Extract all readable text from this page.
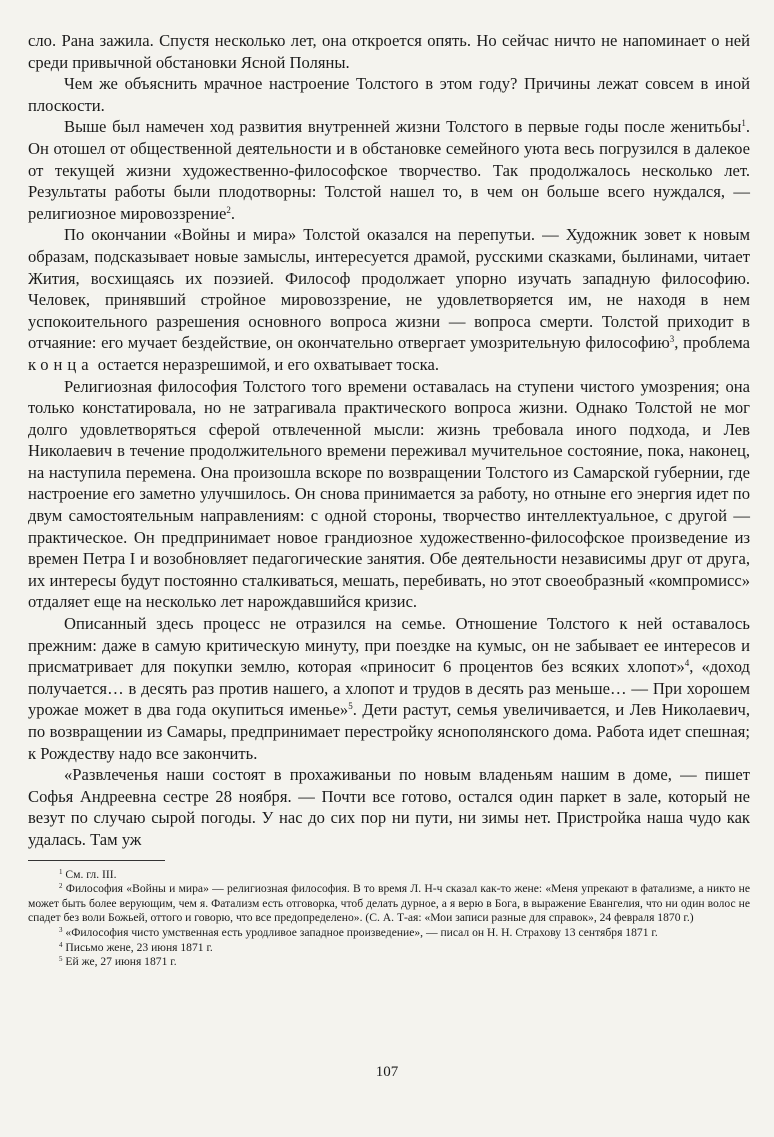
сло. Рана зажила. Спустя несколько лет, она откроется опять. Но сейчас ничто не напоминает о ней среди привычной обстановки Ясной Поляны.

Чем же объяснить мрачное настроение Толстого в этом году? Причины лежат совсем в иной плоскости.

Выше был намечен ход развития внутренней жизни Толстого в первые годы после женитьбы$^1$. Он отошел от общественной деятельности и в обстановке семейного уюта весь погрузился в далекое от текущей жизни художественно-философское творчество. Так продолжалось несколько лет. Результаты работы были плодотворны: Толстой нашел то, в чем он больше всего нуждался, — религиозное мировоззрение$^2$.

По окончании «Войны и мира» Толстой оказался на перепутьи. — Художник зовет к новым образам, подсказывает новые замыслы, интересуется драмой, русскими сказками, былинами, читает Жития, восхищаясь их поэзией. Философ продолжает упорно изучать западную философию. Человек, принявший стройное мировоззрение, не удовлетворяется им, не находя в нем успокоительного разрешения основного вопроса жизни — вопроса смерти. Толстой приходит в отчаяние: его мучает бездействие, он окончательно отвергает умозрительную философию$^3$, проблема конца остается неразрешимой, и его охватывает тоска.

Религиозная философия Толстого того времени оставалась на ступени чистого умозрения; она только констатировала, но не затрагивала практического вопроса жизни. Однако Толстой не мог долго удовлетворяться сферой отвлеченной мысли: жизнь требовала иного подхода, и Лев Николаевич в течение продолжительного времени переживал мучительное состояние, пока, наконец, на наступила перемена. Она произошла вскоре по возвращении Толстого из Самарской губернии, где настроение его заметно улучшилось. Он снова принимается за работу, но отныне его энергия идет по двум самостоятельным направлениям: с одной стороны, творчество интеллектуальное, с другой — практическое. Он предпринимает новое грандиозное художественно-философское произведение из времен Петра I и возобновляет педагогические занятия. Обе деятельности независимы друг от друга, их интересы будут постоянно сталкиваться, мешать, перебивать, но этот своеобразный «компромисс» отдаляет еще на несколько лет нарождавшийся кризис.

Описанный здесь процесс не отразился на семье. Отношение Толстого к ней оставалось прежним: даже в самую критическую минуту, при поездке на кумыс, он не забывает ее интересов и присматривает для покупки землю, которая «приносит 6 процентов без всяких хлопот»$^4$, «доход получается… в десять раз против нашего, а хлопот и трудов в десять раз меньше… — При хорошем урожае может в два года окупиться именье»$^5$. Дети растут, семья увеличивается, и Лев Николаевич, по возвращении из Самары, предпринимает перестройку яснополянского дома. Работа идет спешная; к Рождеству надо все закончить.

«Развлеченья наши состоят в прохаживаньи по новым владеньям нашим в доме, — пишет Софья Андреевна сестре 28 ноября. — Почти все готово, остался один паркет в зале, который не везут по случаю сырой погоды. У нас до сих пор ни пути, ни зимы нет. Пристройка наша чудо как удалась. Там уж

$^1$ См. гл. III.

$^2$ Философия «Войны и мира» — религиозная философия. В то время Л. Н-ч сказал как-то жене: «Меня упрекают в фатализме, а никто не может быть более верующим, чем я. Фатализм есть отговорка, чтоб делать дурное, а я верю в Бога, в выражение Евангелия, что ни один волос не спадет без воли Божьей, оттого и говорю, что все предопределено». (С. А. Т-ая: «Мои записи разные для справок», 24 февраля 1870 г.)

$^3$ «Философия чисто умственная есть уродливое западное произведение», — писал он Н. Н. Страхову 13 сентября 1871 г.

$^4$ Письмо жене, 23 июня 1871 г.

$^5$ Ей же, 27 июня 1871 г.

107
